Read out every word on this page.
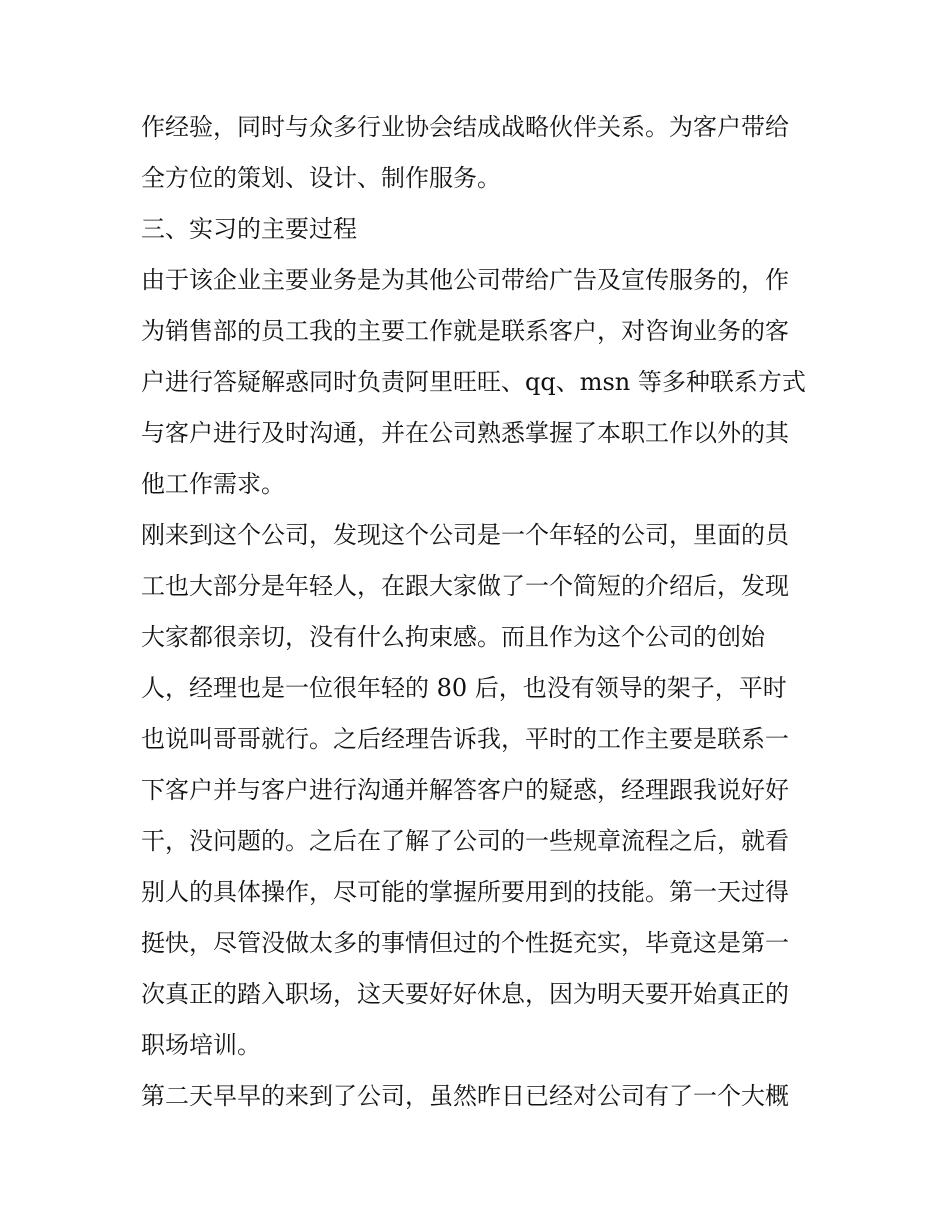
作经验，同时与众多行业协会结成战略伙伴关系。为客户带给
全方位的策划、设计、制作服务。
三、实习的主要过程
由于该企业主要业务是为其他公司带给广告及宣传服务的，作
为销售部的员工我的主要工作就是联系客户，对咨询业务的客
户进行答疑解惑同时负责阿里旺旺、qq、msn 等多种联系方式
与客户进行及时沟通，并在公司熟悉掌握了本职工作以外的其
他工作需求。
刚来到这个公司，发现这个公司是一个年轻的公司，里面的员
工也大部分是年轻人，在跟大家做了一个简短的介绍后，发现
大家都很亲切，没有什么拘束感。而且作为这个公司的创始
人，经理也是一位很年轻的 80 后，也没有领导的架子，平时
也说叫哥哥就行。之后经理告诉我，平时的工作主要是联系一
下客户并与客户进行沟通并解答客户的疑惑，经理跟我说好好
干，没问题的。之后在了解了公司的一些规章流程之后，就看
别人的具体操作，尽可能的掌握所要用到的技能。第一天过得
挺快，尽管没做太多的事情但过的个性挺充实，毕竟这是第一
次真正的踏入职场，这天要好好休息，因为明天要开始真正的
职场培训。
第二天早早的来到了公司，虽然昨日已经对公司有了一个大概
